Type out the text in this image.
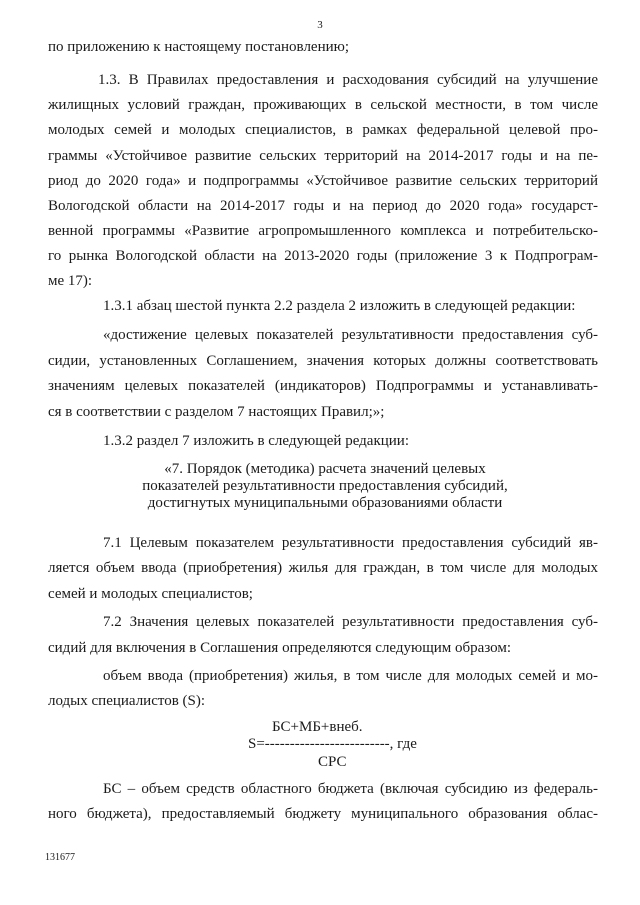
3
по приложению к настоящему постановлению;
1.3. В Правилах предоставления и расходования субсидий на улучшение
жилищных условий граждан, проживающих в сельской местности, в том числе
молодых семей и молодых специалистов, в рамках федеральной целевой про-
граммы «Устойчивое развитие сельских территорий на 2014-2017 годы и на пе-
риод до 2020 года» и подпрограммы «Устойчивое развитие сельских территорий
Вологодской области на 2014-2017 годы и на период до 2020 года» государст-
венной программы «Развитие агропромышленного комплекса и потребительско-
го рынка Вологодской области на 2013-2020 годы (приложение 3 к Подпрограм-
ме 17):
1.3.1 абзац шестой пункта 2.2 раздела 2 изложить в следующей редакции:
«достижение целевых показателей результативности предоставления суб-
сидии, установленных Соглашением, значения которых должны соответствовать
значениям целевых показателей (индикаторов) Подпрограммы и устанавливать-
ся в соответствии с разделом 7 настоящих Правил;»;
1.3.2 раздел 7 изложить в следующей редакции:
«7. Порядок (методика) расчета значений целевых
показателей результативности предоставления субсидий,
достигнутых муниципальными образованиями области
7.1 Целевым показателем результативности предоставления субсидий яв-
ляется объем ввода (приобретения) жилья для граждан, в том числе для молодых
семей и молодых специалистов;
7.2 Значения целевых показателей результативности предоставления суб-
сидий для включения в Соглашения определяются следующим образом:
объем ввода (приобретения) жилья, в том числе для молодых семей и мо-
лодых специалистов (S):
БС+МБ+внеб.
S=-------------------------, где
СРС
БС – объем средств областного бюджета (включая субсидию из федераль-
ного бюджета), предоставляемый бюджету муниципального образования облас-
131677
